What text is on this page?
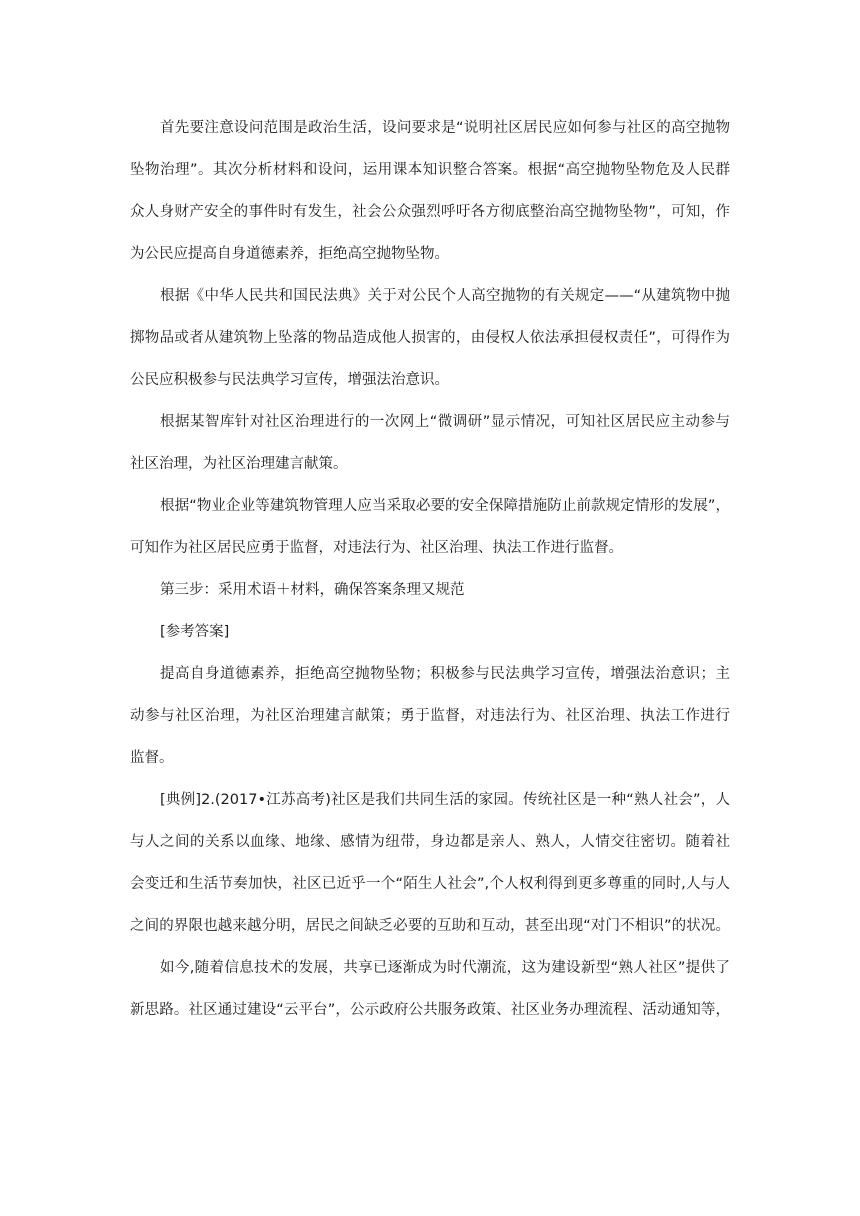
首先要注意设问范围是政治生活，设问要求是“说明社区居民应如何参与社区的高空抛物
坠物治理”。其次分析材料和设问，运用课本知识整合答案。根据“高空抛物坠物危及人民群
众人身财产安全的事件时有发生，社会公众强烈呼吁各方彻底整治高空抛物坠物”，可知，作
为公民应提高自身道德素养，拒绝高空抛物坠物。
根据《中华人民共和国民法典》关于对公民个人高空抛物的有关规定——“从建筑物中抛
掷物品或者从建筑物上坠落的物品造成他人损害的，由侵权人依法承担侵权责任”，可得作为
公民应积极参与民法典学习宣传，增强法治意识。
根据某智库针对社区治理进行的一次网上“微调研”显示情况，可知社区居民应主动参与
社区治理，为社区治理建言献策。
根据“物业企业等建筑物管理人应当采取必要的安全保障措施防止前款规定情形的发展”，
可知作为社区居民应勇于监督，对违法行为、社区治理、执法工作进行监督。
第三步：采用术语＋材料，确保答案条理又规范
[参考答案]
提高自身道德素养，拒绝高空抛物坠物；积极参与民法典学习宣传，增强法治意识；主
动参与社区治理，为社区治理建言献策；勇于监督，对违法行为、社区治理、执法工作进行
监督。
[典例]2.(2017•江苏高考)社区是我们共同生活的家园。传统社区是一种“熟人社会”，人
与人之间的关系以血缘、地缘、感情为纽带，身边都是亲人、熟人，人情交往密切。随着社
会变迁和生活节奏加快，社区已近乎一个“陌生人社会”,个人权利得到更多尊重的同时,人与人
之间的界限也越来越分明，居民之间缺乏必要的互助和互动，甚至出现“对门不相识”的状况。
如今,随着信息技术的发展，共享已逐渐成为时代潮流，这为建设新型“熟人社区”提供了
新思路。社区通过建设“云平台”，公示政府公共服务政策、社区业务办理流程、活动通知等，
